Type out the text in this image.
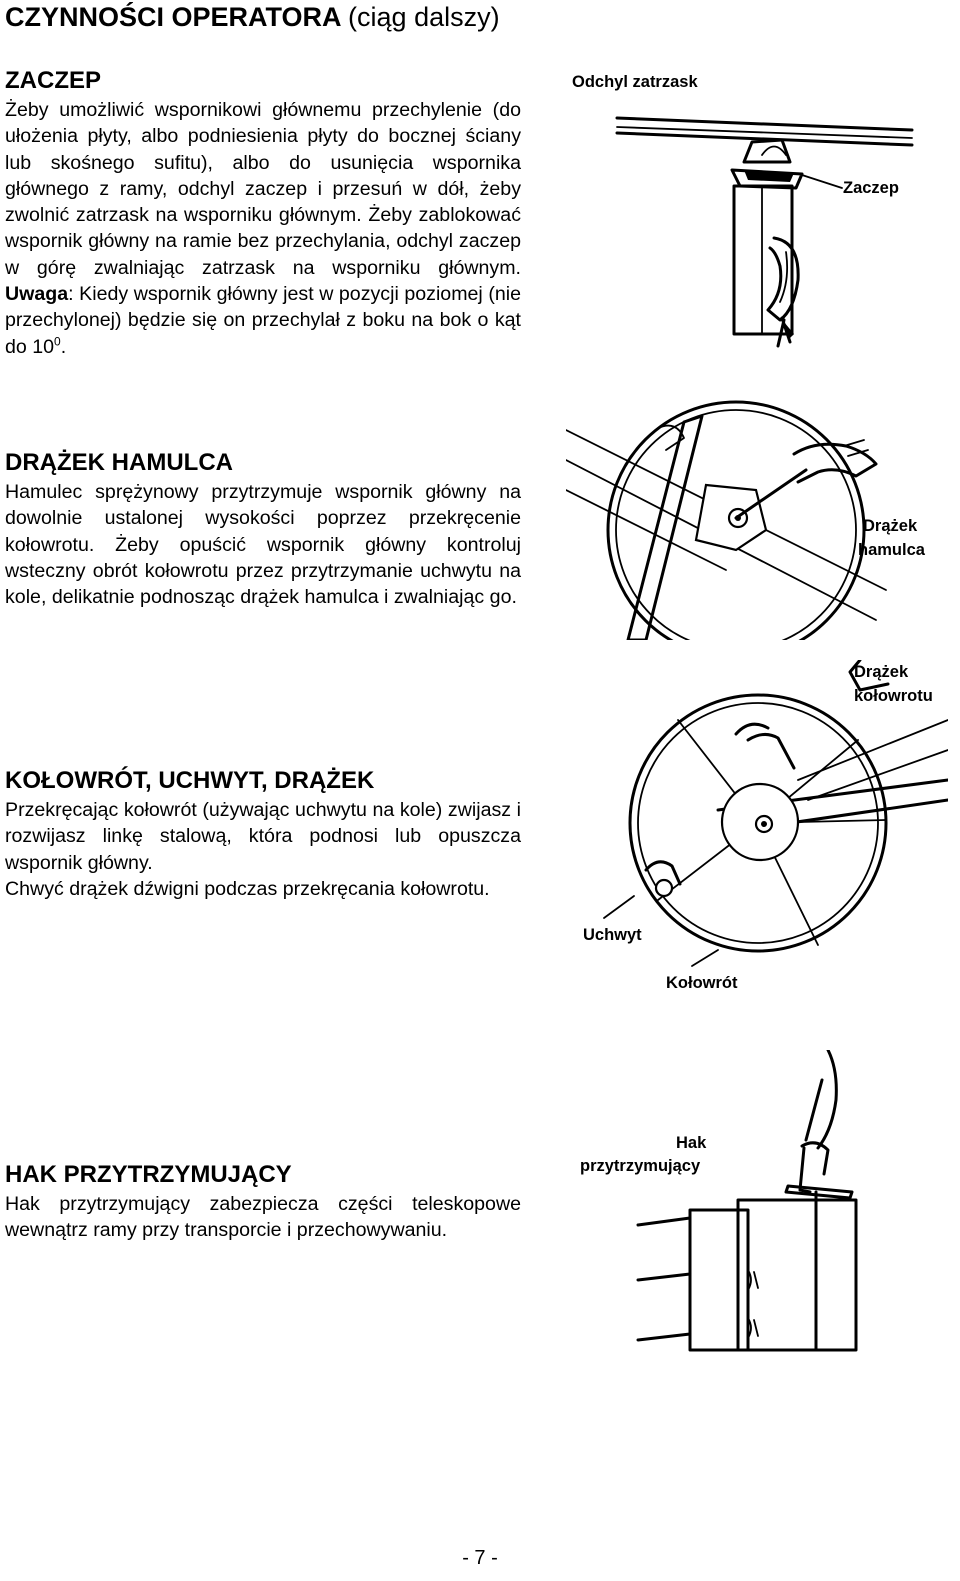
CZYNNOŚCI OPERATORA (ciąg dalszy)
ZACZEP

Żeby umożliwić wspornikowi głównemu przechylenie (do ułożenia płyty, albo podniesienia płyty do bocznej ściany lub skośnego sufitu), albo do usunięcia wspornika głównego z ramy, odchyl zaczep i przesuń w dół, żeby zwolnić zatrzask na wsporniku głównym. Żeby zablokować wspornik główny na ramie bez przechylania, odchyl zaczep w górę zwalniając zatrzask na wsporniku głównym. Uwaga: Kiedy wspornik główny jest w pozycji poziomej (nie przechylonej) będzie się on przechylał z boku na bok o kąt do $10^0$.

DRĄŻEK HAMULCA

Hamulec sprężynowy przytrzymuje wspornik główny na dowolnie ustalonej wysokości poprzez przekręcenie kołowrotu. Żeby opuścić wspornik główny kontroluj wsteczny obrót kołowrotu przez przytrzymanie uchwytu na kole, delikatnie podnosząc drążek hamulca i zwalniając go.

KOŁOWRÓT, UCHWYT, DRĄŻEK

Przekręcając kołowrót (używając uchwytu na kole) zwijasz i rozwijasz linkę stalową, która podnosi lub opuszcza wspornik główny.

Chwyć drążek dźwigni podczas przekręcania kołowrotu.

HAK PRZYTRZYMUJĄCY

Hak przytrzymujący zabezpiecza części teleskopowe wewnątrz ramy przy transporcie i przechowywaniu.

Odchyl zatrzask
Zaczep
Drążek
hamulca
Drążek
kołowrotu
Uchwyt
Kołowrót
Hak
przytrzymujący
- 7 -
